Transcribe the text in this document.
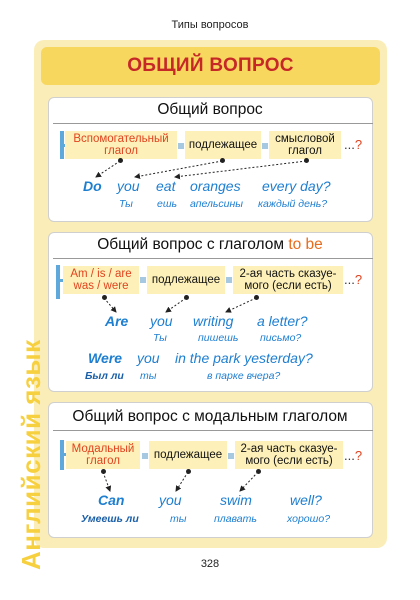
Типы вопросов
ОБЩИЙ ВОПРОС
Общий вопрос
Вспомогательный глагол
подлежащее
смысловой глагол	...?
Do you eat oranges every day?
Ты ешь апельсины каждый день?
Общий вопрос с глаголом to be
Am / is / are was / were
подлежащее
2-ая часть сказуе- мого (если есть) ...?
Are you writing a letter?
Ты	пишешь письмо?
Were you in the park yesterday?
Был ли ты	в парке вчера?
Общий вопрос с модальным глаголом
Модальный глагол
подлежащее
2-ая часть сказуе- мого (если есть) ...?
Can you	swim	well?
Умеешь ли	ты	плавать	хорошо?
Английский язык	328
